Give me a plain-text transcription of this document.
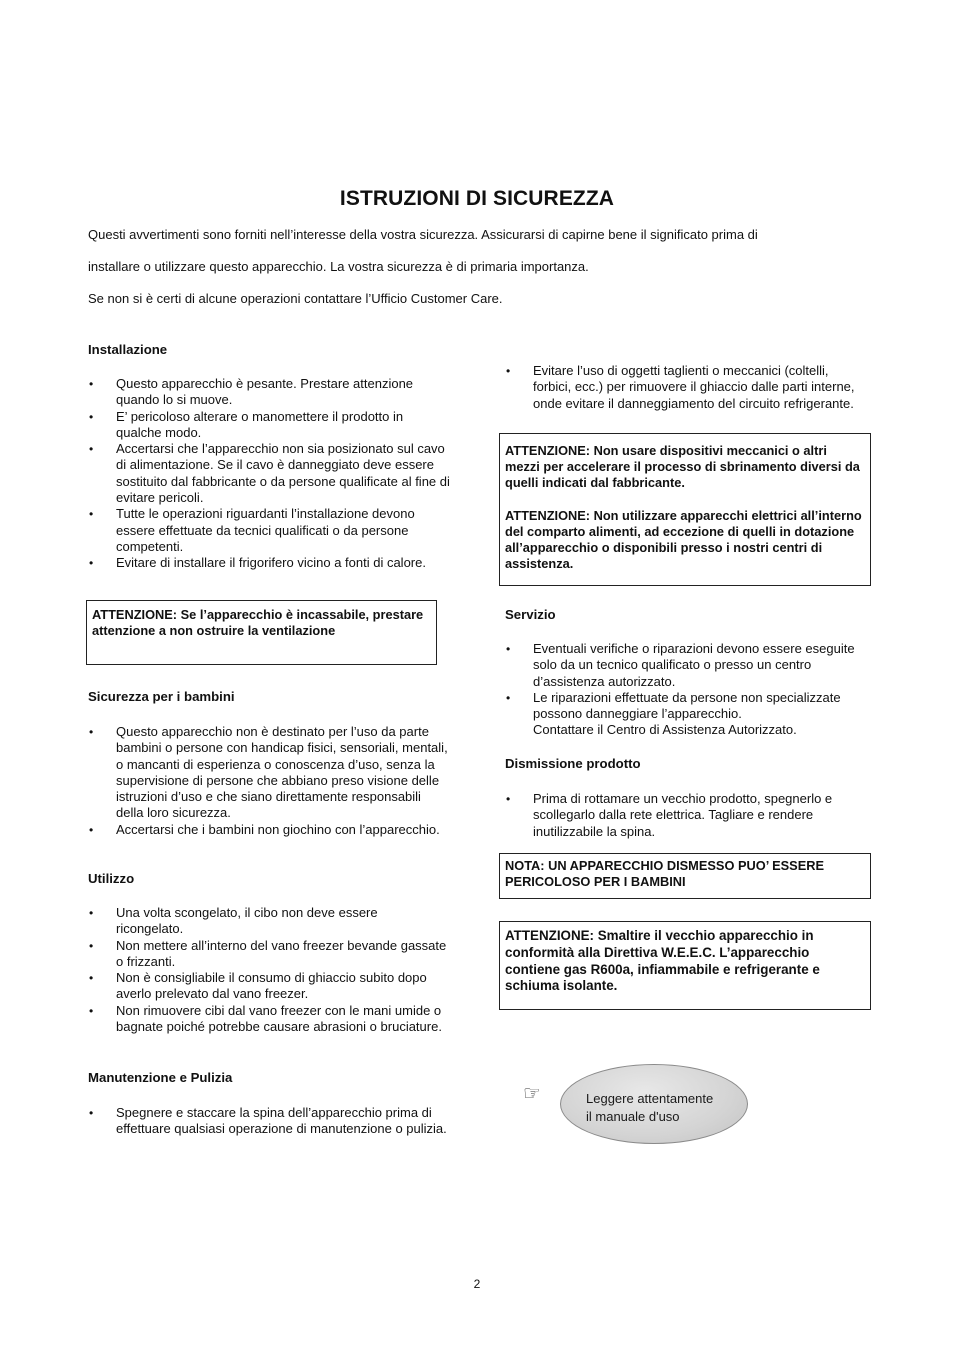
ISTRUZIONI DI SICUREZZA
Questi avvertimenti sono forniti nell’interesse della vostra sicurezza. Assicurarsi di capirne bene il significato prima di
installare o utilizzare questo apparecchio. La vostra sicurezza è di primaria importanza.
Se non si è certi di alcune operazioni contattare l’Ufficio Customer Care.
Installazione
• Questo apparecchio è pesante. Prestare attenzione quando lo si muove.
• E’ pericoloso alterare o manomettere il prodotto in qualche modo.
• Accertarsi che l’apparecchio non sia posizionato sul cavo di alimentazione. Se il cavo è danneggiato deve essere sostituito dal fabbricante o da persone qualificate al fine di evitare pericoli.
• Tutte le operazioni riguardanti l’installazione devono essere effettuate da tecnici qualificati o da persone competenti.
• Evitare di installare il frigorifero vicino a fonti di calore.

ATTENZIONE: Se l’apparecchio è incassabile, prestare attenzione a non ostruire la ventilazione

Sicurezza per i bambini
• Questo apparecchio non è destinato per l’uso da parte bambini o persone con handicap fisici, sensoriali, mentali, o mancanti di esperienza o conoscenza d’uso, senza la supervisione di persone che abbiano preso visione delle istruzioni d’uso e che siano direttamente responsabili della loro sicurezza.
• Accertarsi che i bambini non giochino con l’apparecchio.
Utilizzo
• Una volta scongelato, il cibo non deve essere ricongelato.
• Non mettere all’interno del vano freezer bevande gassate o frizzanti.
• Non è consigliabile il consumo di ghiaccio subito dopo averlo prelevato dal vano freezer.
• Non rimuovere cibi dal vano freezer con le mani umide o bagnate poiché potrebbe causare abrasioni o bruciature.
Manutenzione e Pulizia
• Spegnere e staccare la spina dell’apparecchio prima di effettuare qualsiasi operazione di manutenzione o pulizia.
• Evitare l’uso di oggetti taglienti o meccanici (coltelli, forbici, ecc.) per rimuovere il ghiaccio dalle parti interne, onde evitare il danneggiamento del circuito refrigerante.

ATTENZIONE: Non usare dispositivi meccanici o altri mezzi per accelerare il processo di sbrinamento diversi da quelli indicati dal fabbricante.

ATTENZIONE: Non utilizzare apparecchi elettrici all’interno del comparto alimenti, ad eccezione di quelli in dotazione all’apparecchio o disponibili presso i nostri centri di assistenza.

Servizio
• Eventuali verifiche o riparazioni devono essere eseguite solo da un tecnico qualificato o presso un centro d’assistenza autorizzato.
• Le riparazioni effettuate da persone non specializzate possono danneggiare l’apparecchio.
Contattare il Centro di Assistenza Autorizzato.
Dismissione prodotto
• Prima di rottamare un vecchio prodotto, spegnerlo e scollegarlo dalla rete elettrica. Tagliare e rendere inutilizzabile la spina.

NOTA: UN APPARECCHIO DISMESSO PUO’ ESSERE PERICOLOSO PER I BAMBINI

ATTENZIONE: Smaltire il vecchio apparecchio in conformità alla Direttiva W.E.E.C. L’apparecchio contiene gas R600a, infiammabile e refrigerante e schiuma isolante.

☞	Leggere attentamente
il manuale d'uso
2
